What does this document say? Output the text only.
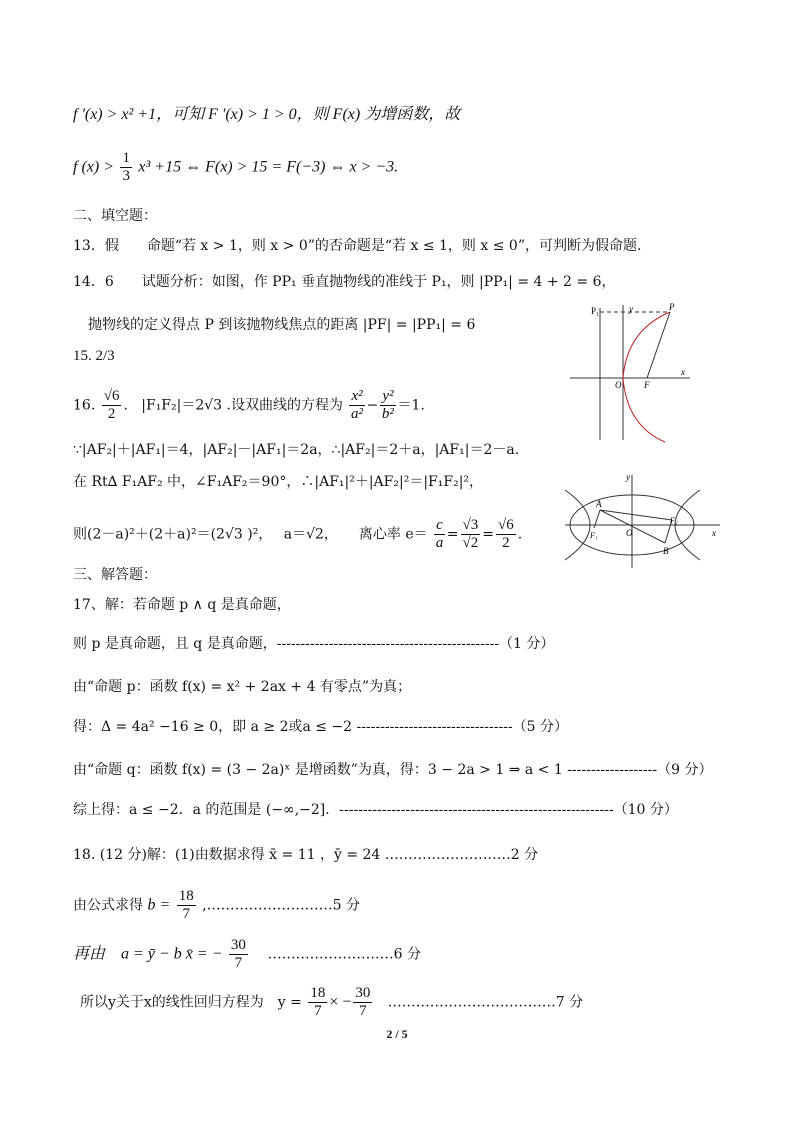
f '(x) > x² +1，可知 F '(x) > 1 > 0，则 F(x) 为增函数，故
f $(x) > \frac{1}{3} x^3 +15$ ⇔ F(x) > 15 = F(−3) ⇔ x > −3.
二、填空题：
13．假　　命题“若 x > 1，则 x > 0”的否命题是“若 x ≤ 1，则 x ≤ 0”，可判断为假命题.
14．6　　试题分析：如图，作 PP₁ 垂直抛物线的准线于 P₁，则 |PP₁| = 4 + 2 = 6，
抛物线的定义得点 P 到该抛物线焦点的距离 |PF| = |PP₁| = 6
15. 2/3
16. $\frac{√6}{2}$ .   |F₁F₂|＝2√3 .设双曲线的方程为 $\frac{\text{x²}}{\text{a²}} - \frac{\text{y²}}{\text{b²}} =1$.
∵|AF₂|＋|AF₁|＝4，|AF₂|－|AF₁|＝2a，∴|AF₂|＝2＋a，|AF₁|＝2－a.
在 Rt∆ F₁AF₂ 中，∠F₁AF₂＝90°，∴|AF₁|²＋|AF₂|²＝|F₁F₂|²，
则(2－a)²＋(2＋a)²＝(2√3 )²，　 a＝√2，　　离心率 $e= \frac{c}{a} = \frac{√3}{√2} = \frac{√6}{2}$ .
三、解答题：
17、解：若命题 p ∧ q 是真命题，
则 p 是真命题，且 q 是真命题，-----------------------------------------------（1 分）
由“命题 p：函数 f(x) = x² + 2ax + 4 有零点”为真；
得：Δ = 4a² −16 ≥ 0，即 a ≥ 2或a ≤ −2 ---------------------------------（5 分）
由“命题 q：函数 f(x) = (3 − 2a)ˣ 是增函数”为真，得：3 − 2a > 1 ⇒ a < 1 -------------------（9 分）
综上得：a ≤ −2．a 的范围是 (−∞,−2]．----------------------------------------------------------（10 分）
18. (12 分)解：(1)由数据求得 x̄ = 11 ，ȳ = 24 ………………………2 分
由公式求得 $b = \frac{18}{7}$ ,………………………5 分
再由　a = ȳ − b x̄ = − $\frac{30}{7}$ ………………………6 分
所以y关于x的线性回归方程为　$y = \frac{18}{7}$ × − $\frac{30}{7}$ ………………………………7 分
P₁	y	P
O	F
x
y
A
F₁	O
F₂
B
x
2 / 5
